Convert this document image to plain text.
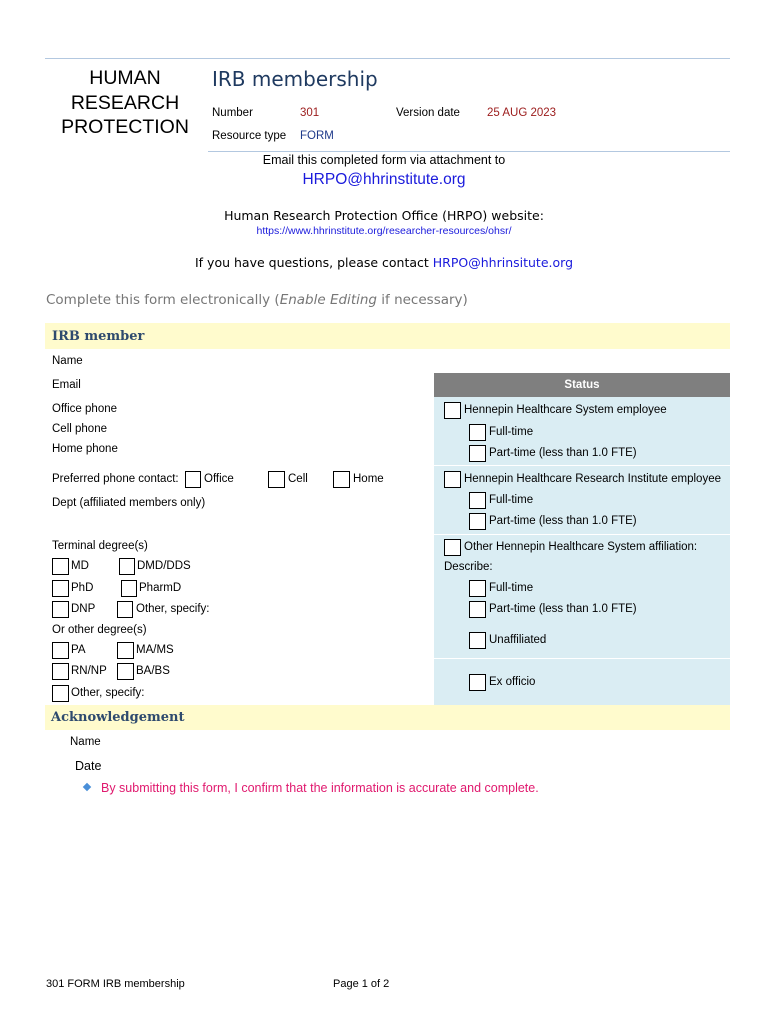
HUMAN
RESEARCH
PROTECTION
IRB membership
Number	301	Version date 25 AUG 2023
Resource type FORM
Email this completed form via attachment to
HRPO@hhrinstitute.org
Human Research Protection Office (HRPO) website:
https://www.hhrinstitute.org/researcher-resources/ohsr/
If you have questions, please contact HRPO@hhrinsitute.org
Complete this form electronically (Enable Editing if necessary)
IRB member
Name
Email
Office phone
Cell phone
Home phone
Preferred phone contact: Office	Cell	Home
Dept (affiliated members only)
Terminal degree(s)
MD	DMD/DDS
PhD	PharmD
DNP	Other, specify:
Or other degree(s)
PA	MA/MS
RN/NP	BA/BS
Other, specify:
Status
Hennepin Healthcare System employee
Full-time
Part-time (less than 1.0 FTE)
Hennepin Healthcare Research Institute employee
Full-time
Part-time (less than 1.0 FTE)
Other Hennepin Healthcare System affiliation:
Describe:
Full-time
Part-time (less than 1.0 FTE)
Unaffiliated
Ex officio
Acknowledgement
Name
Date
By submitting this form, I confirm that the information is accurate and complete.
301 FORM IRB membership	Page 1 of 2
